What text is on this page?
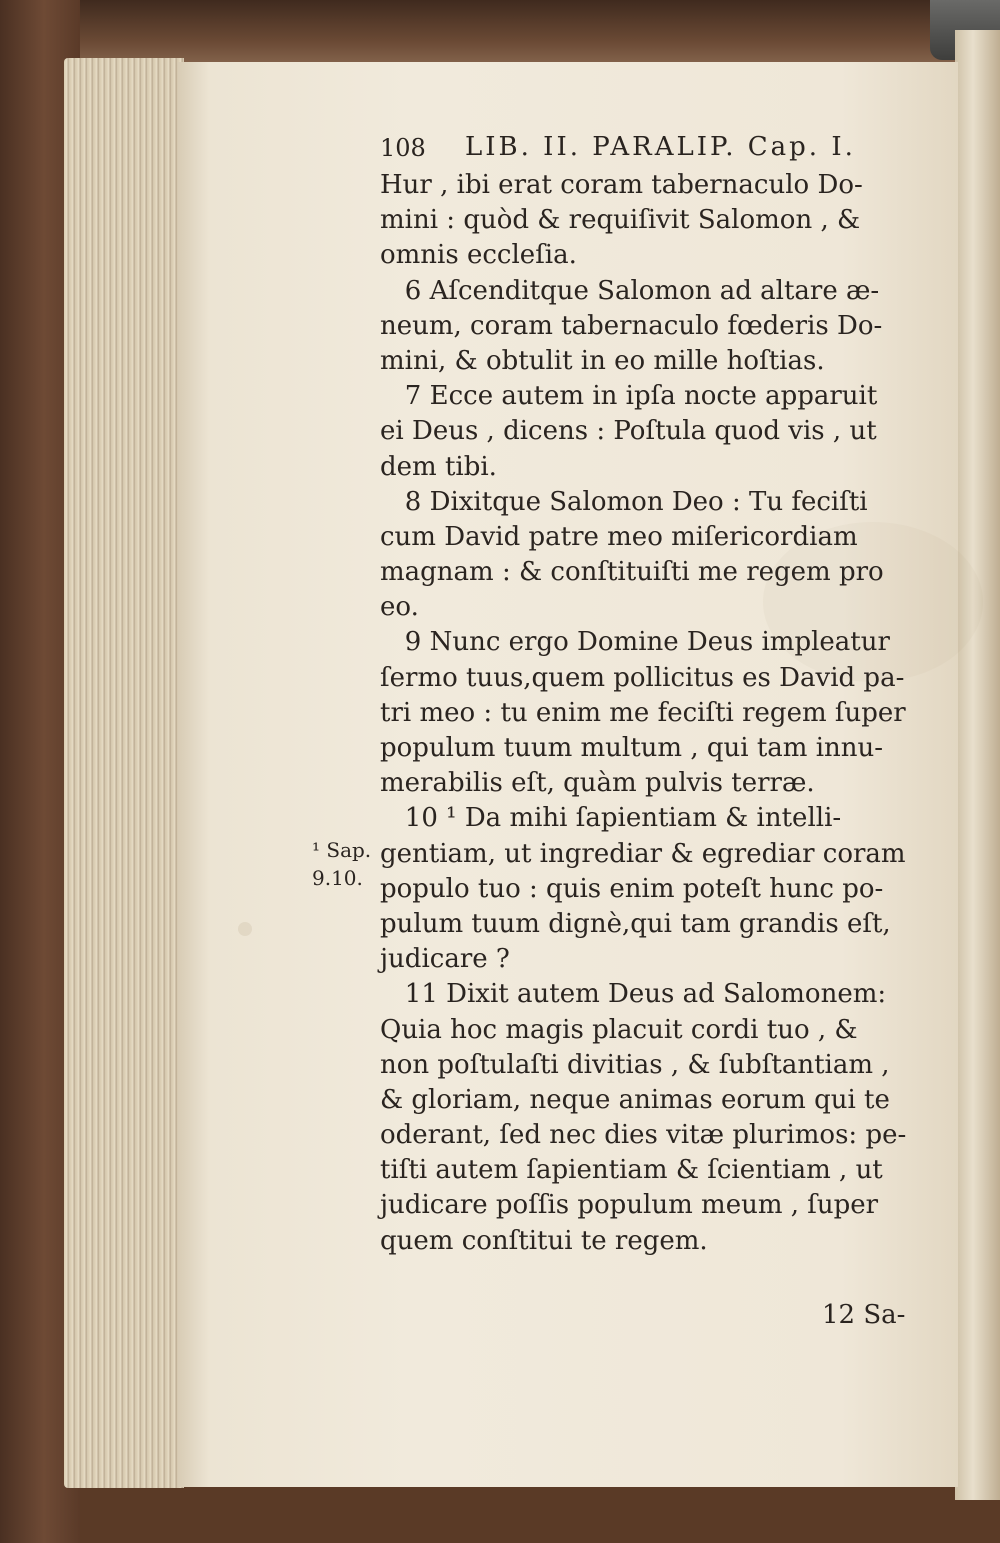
108 LIB. II. PARALIP. Cap. I.
Hur , ibi erat coram tabernaculo Do-
mini : quòd & requiſivit Salomon , &
omnis eccleſia.
6 Aſcenditque Salomon ad altare æ-
neum, coram tabernaculo fœderis Do-
mini, & obtulit in eo mille hoſtias.
7 Ecce autem in ipſa nocte apparuit
ei Deus , dicens : Poſtula quod vis , ut
dem tibi.
8 Dixitque Salomon Deo : Tu feciſti
cum David patre meo miſericordiam
magnam : & conſtituiſti me regem pro
eo.
9 Nunc ergo Domine Deus impleatur
ſermo tuus,quem pollicitus es David pa-
tri meo : tu enim me feciſti regem ſuper
populum tuum multum , qui tam innu-
merabilis eſt, quàm pulvis terræ.
10 ¹ Da mihi ſapientiam & intelli-
gentiam, ut ingrediar & egrediar coram
populo tuo : quis enim poteſt hunc po-
pulum tuum dignè,qui tam grandis eſt,
judicare ?
11 Dixit autem Deus ad Salomonem:
Quia hoc magis placuit cordi tuo , &
non poſtulaſti divitias , & ſubſtantiam ,
& gloriam, neque animas eorum qui te
oderant, ſed nec dies vitæ plurimos: pe-
tiſti autem ſapientiam & ſcientiam , ut
judicare poſſis populum meum , ſuper
quem conſtitui te regem.
¹ Sap.
9.10.
12 Sa-
